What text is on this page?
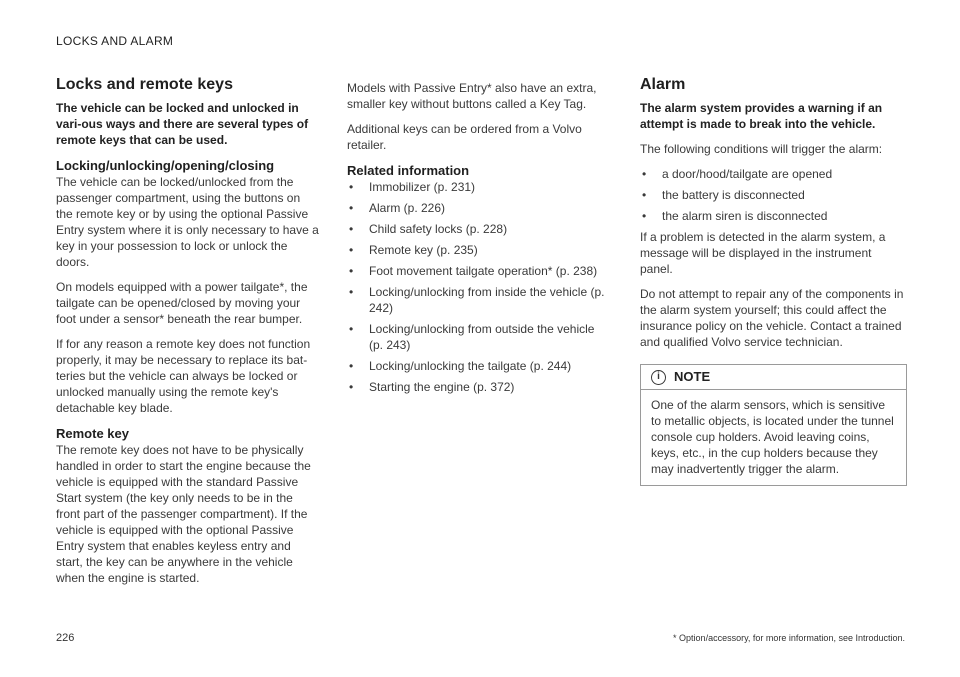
LOCKS AND ALARM
Locks and remote keys

The vehicle can be locked and unlocked in vari-ous ways and there are several types of remote keys that can be used.

Locking/unlocking/opening/closing

The vehicle can be locked/unlocked from the passenger compartment, using the buttons on the remote key or by using the optional Passive Entry system where it is only necessary to have a key in your possession to lock or unlock the doors.

On models equipped with a power tailgate*, the tailgate can be opened/closed by moving your foot under a sensor* beneath the rear bumper.

If for any reason a remote key does not function properly, it may be necessary to replace its bat-teries but the vehicle can always be locked or unlocked manually using the remote key's detachable key blade.

Remote key

The remote key does not have to be physically handled in order to start the engine because the vehicle is equipped with the standard Passive Start system (the key only needs to be in the front part of the passenger compartment). If the vehicle is equipped with the optional Passive Entry system that enables keyless entry and start, the key can be anywhere in the vehicle when the engine is started.

Models with Passive Entry* also have an extra, smaller key without buttons called a Key Tag.

Additional keys can be ordered from a Volvo retailer.

Related information
• Immobilizer (p. 231)
• Alarm (p. 226)
• Child safety locks (p. 228)
• Remote key (p. 235)
• Foot movement tailgate operation* (p. 238)
• Locking/unlocking from inside the vehicle (p. 242)
• Locking/unlocking from outside the vehicle (p. 243)
• Locking/unlocking the tailgate (p. 244)
• Starting the engine (p. 372)
Alarm

The alarm system provides a warning if an attempt is made to break into the vehicle.

The following conditions will trigger the alarm:

• a door/hood/tailgate are opened
• the battery is disconnected
• the alarm siren is disconnected

If a problem is detected in the alarm system, a message will be displayed in the instrument panel.

Do not attempt to repair any of the components in the alarm system yourself; this could affect the insurance policy on the vehicle. Contact a trained and qualified Volvo service technician.

i	NOTE
One of the alarm sensors, which is sensitive to metallic objects, is located under the tunnel console cup holders. Avoid leaving coins, keys, etc., in the cup holders because they may inadvertently trigger the alarm.
226	* Option/accessory, for more information, see Introduction.
